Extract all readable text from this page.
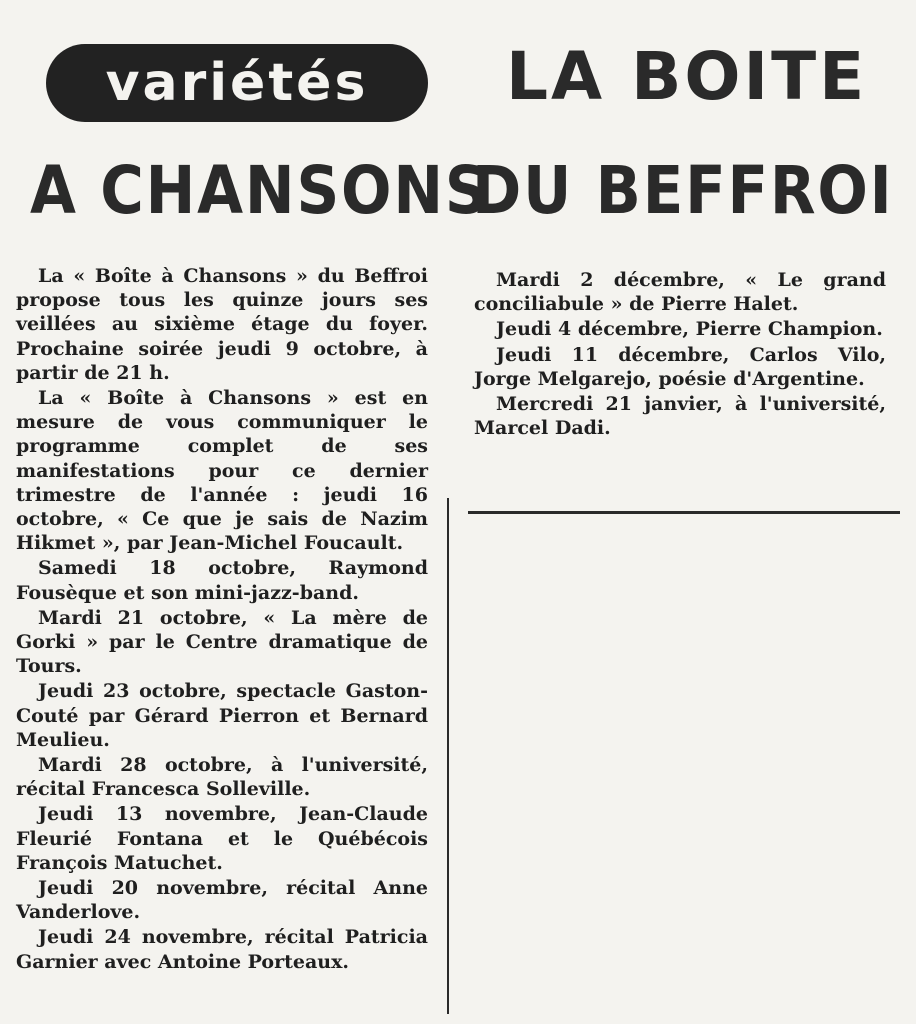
variétés LA BOITE
A CHANSONS
DU BEFFROI

La « Boîte à Chansons » du Beffroi propose tous les quinze jours ses veillées au sixième étage du foyer. Prochaine soirée jeudi 9 octobre, à partir de 21 h.

La « Boîte à Chansons » est en mesure de vous communiquer le programme complet de ses manifestations pour ce dernier trimestre de l'année : jeudi 16 octobre, « Ce que je sais de Nazim Hikmet », par Jean-Michel Foucault.

Samedi 18 octobre, Raymond Fousèque et son mini-jazz-band.

Mardi 21 octobre, « La mère de Gorki » par le Centre dramatique de Tours.

Jeudi 23 octobre, spectacle Gaston-Couté par Gérard Pierron et Bernard Meulieu.

Mardi 28 octobre, à l'université, récital Francesca Solleville.

Jeudi 13 novembre, Jean-Claude Fleurié Fontana et le Québécois François Matuchet.

Jeudi 20 novembre, récital Anne Vanderlove.

Jeudi 24 novembre, récital Patricia Garnier avec Antoine Porteaux.

Mardi 2 décembre, « Le grand conciliabule » de Pierre Halet.

Jeudi 4 décembre, Pierre Champion.

Jeudi 11 décembre, Carlos Vilo, Jorge Melgarejo, poésie d'Argentine.

Mercredi 21 janvier, à l'université, Marcel Dadi.
